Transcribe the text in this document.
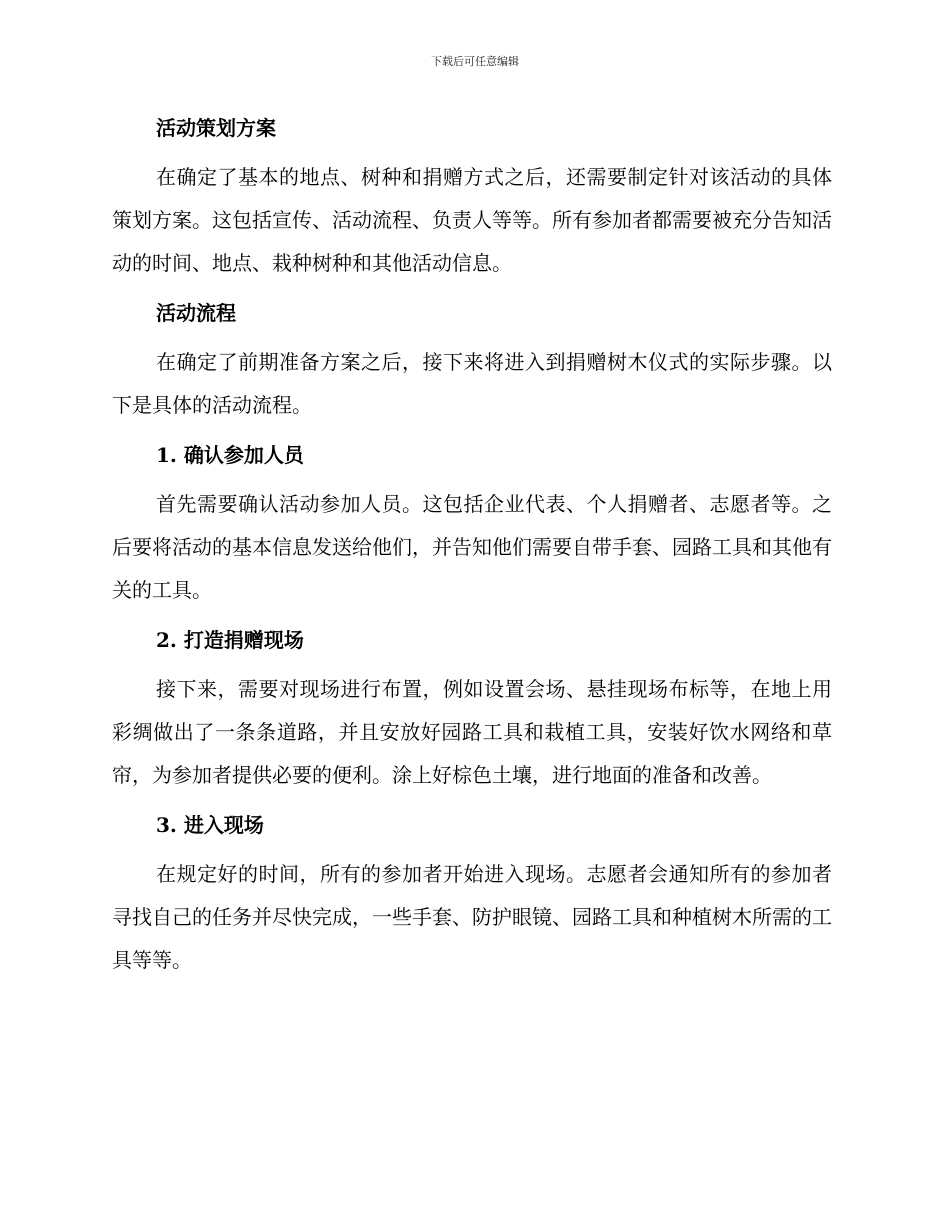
下载后可任意编辑
活动策划方案

在确定了基本的地点、树种和捐赠方式之后，还需要制定针对该活动的具体策划方案。这包括宣传、活动流程、负责人等等。所有参加者都需要被充分告知活动的时间、地点、栽种树种和其他活动信息。

活动流程

在确定了前期准备方案之后，接下来将进入到捐赠树木仪式的实际步骤。以下是具体的活动流程。

1. 确认参加人员

首先需要确认活动参加人员。这包括企业代表、个人捐赠者、志愿者等。之后要将活动的基本信息发送给他们，并告知他们需要自带手套、园路工具和其他有关的工具。

2. 打造捐赠现场

接下来，需要对现场进行布置，例如设置会场、悬挂现场布标等，在地上用彩绸做出了一条条道路，并且安放好园路工具和栽植工具，安装好饮水网络和草帘，为参加者提供必要的便利。涂上好棕色土壤，进行地面的准备和改善。

3. 进入现场

在规定好的时间，所有的参加者开始进入现场。志愿者会通知所有的参加者寻找自己的任务并尽快完成，一些手套、防护眼镜、园路工具和种植树木所需的工具等等。
